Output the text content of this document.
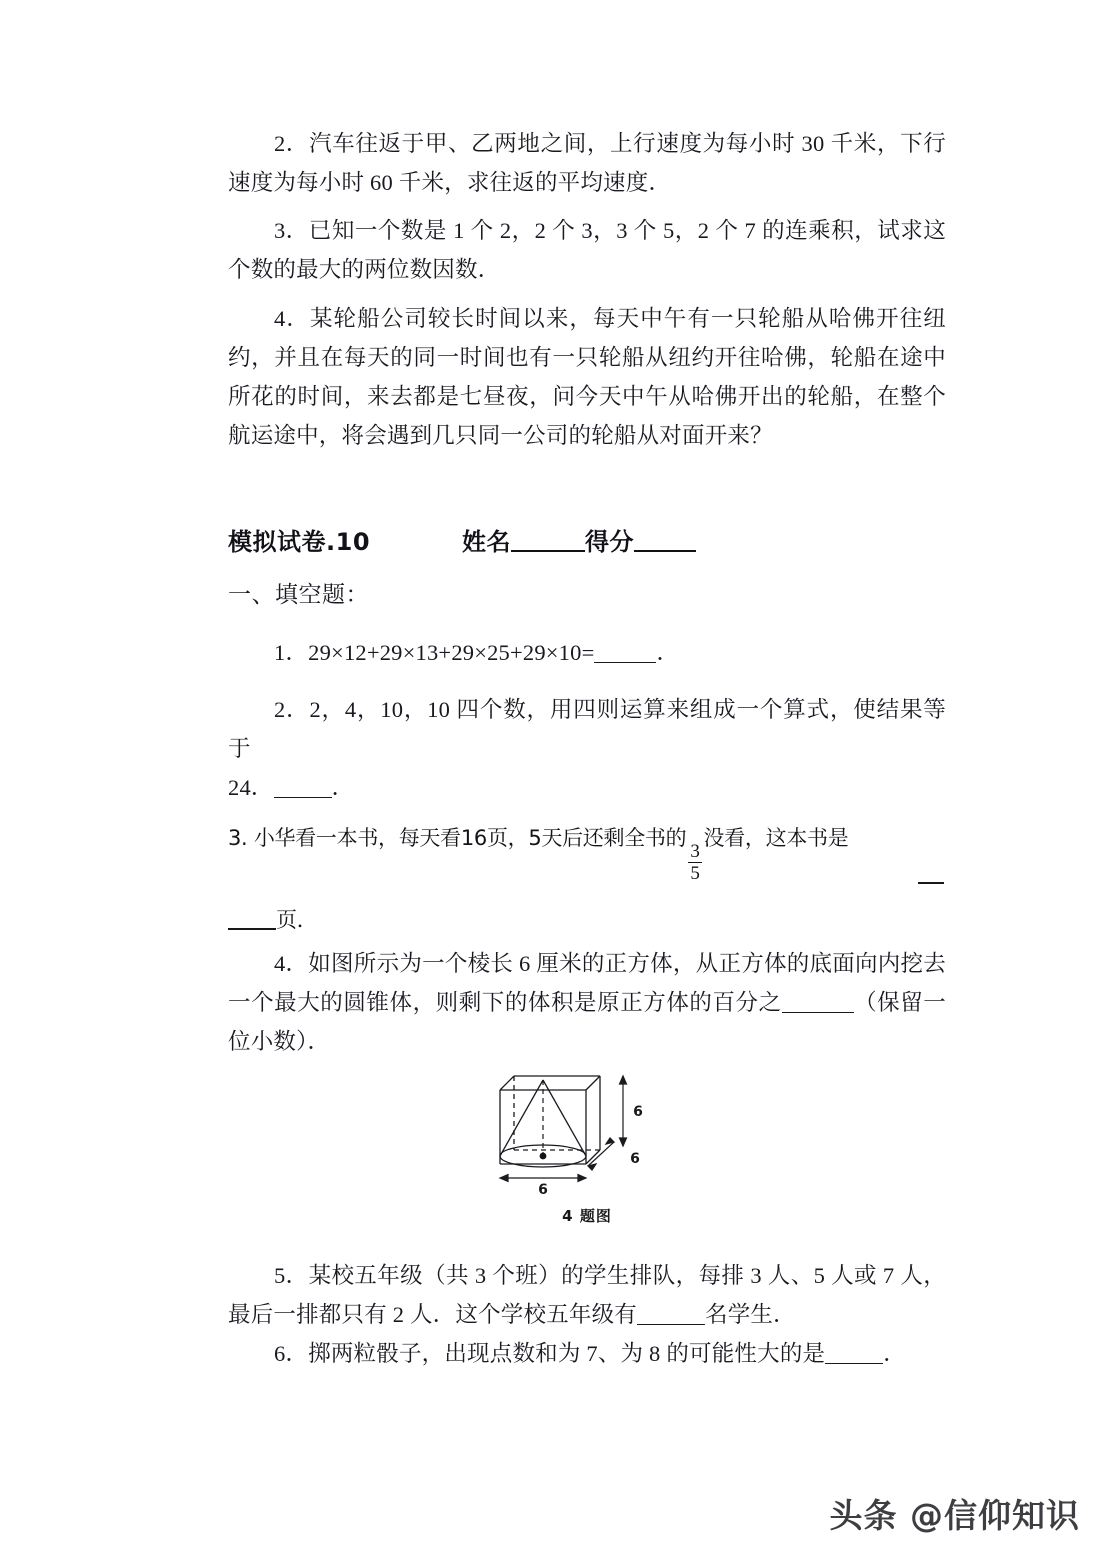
2．汽车往返于甲、乙两地之间，上行速度为每小时 30 千米，下行速度为每小时 60 千米，求往返的平均速度．

3．已知一个数是 1 个 2，2 个 3，3 个 5，2 个 7 的连乘积，试求这个数的最大的两位数因数．

4．某轮船公司较长时间以来，每天中午有一只轮船从哈佛开往纽约，并且在每天的同一时间也有一只轮船从纽约开往哈佛，轮船在途中所花的时间，来去都是七昼夜，问今天中午从哈佛开出的轮船，在整个航运途中，将会遇到几只同一公司的轮船从对面开来？

模拟试卷.10	姓名	得分
一、填空题：

1．29×12+29×13+29×25+29×10=	．

2．2，4，10，10 四个数，用四则运算来组成一个算式，使结果等于

24．	．

3. 小华看一本书，每天看16页，5天后还剩全书的
$\frac{3}{5}$
没看，这本书是

页．

4．如图所示为一个棱长 6 厘米的正方体，从正方体的底面向内挖去一个最大的圆锥体，则剩下的体积是原正方体的百分之	（保留一位小数）．

6
6
6
4 题图

5．某校五年级（共 3 个班）的学生排队，每排 3 人、5 人或 7 人，最后一排都只有 2 人．这个学校五年级有	名学生．

6．掷两粒骰子，出现点数和为 7、为 8 的可能性大的是	．

头条 @信仰知识
